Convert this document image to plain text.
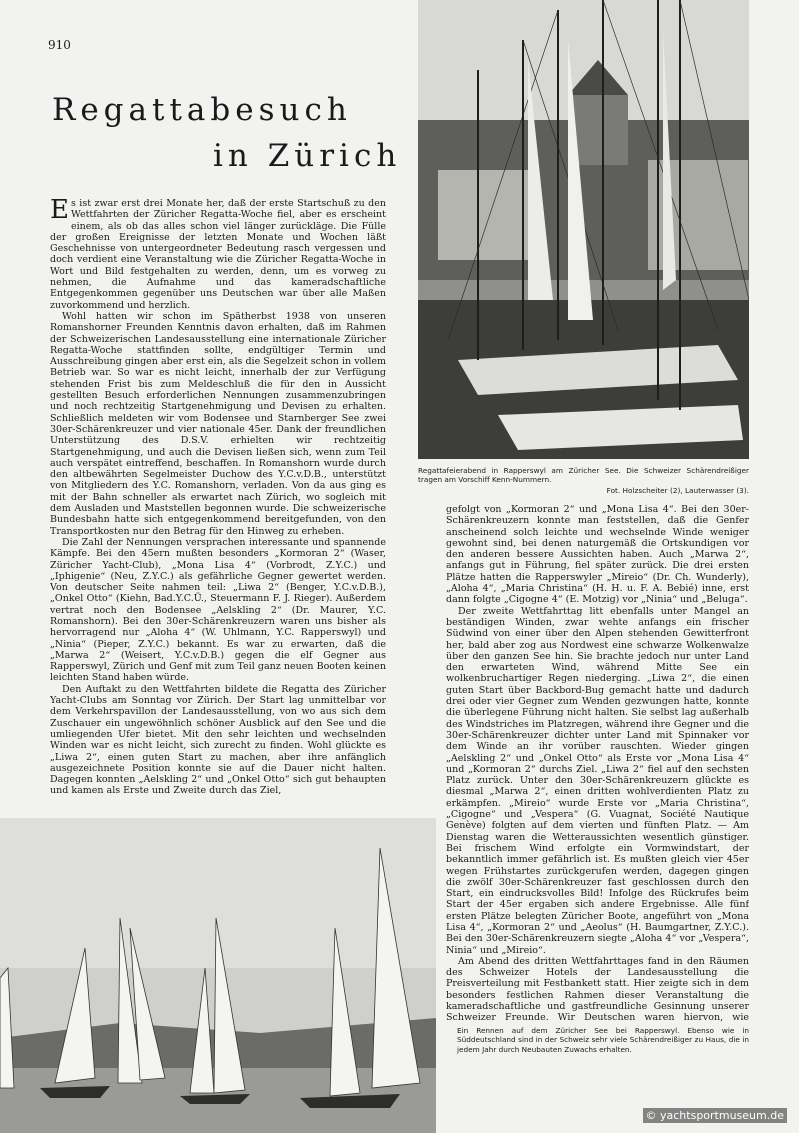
910
Regattabesuch
in Zürich
Regattafeierabend in Rapperswyl am Züricher See. Die Schweizer Schärendreißiger tragen am Vorschiff Kenn-Nummern.
Fot. Holzscheiter (2), Lauterwasser (3).

Es ist zwar erst drei Monate her, daß der erste Startschuß zu den Wettfahrten der Züricher Regatta-Woche fiel, aber es erscheint einem, als ob das alles schon viel länger zurückläge. Die Fülle der großen Ereignisse der letzten Monate und Wochen läßt Geschehnisse von untergeordneter Bedeutung rasch vergessen und doch verdient eine Veranstaltung wie die Züricher Regatta-Woche in Wort und Bild festgehalten zu werden, denn, um es vorweg zu nehmen, die Aufnahme und das kameradschaftliche Entgegenkommen gegenüber uns Deutschen war über alle Maßen zuvorkommend und herzlich.

Wohl hatten wir schon im Spätherbst 1938 von unseren Romanshorner Freunden Kenntnis davon erhalten, daß im Rahmen der Schweizerischen Landesausstellung eine internationale Züricher Regatta-Woche stattfinden sollte, endgültiger Termin und Ausschreibung gingen aber erst ein, als die Segelzeit schon in vollem Betrieb war. So war es nicht leicht, innerhalb der zur Verfügung stehenden Frist bis zum Meldeschluß die für den in Aussicht gestellten Besuch erforderlichen Nennungen zusammenzubringen und noch rechtzeitig Startgenehmigung und Devisen zu erhalten. Schließlich meldeten wir vom Bodensee und Starnberger See zwei 30er-Schärenkreuzer und vier nationale 45er. Dank der freundlichen Unterstützung des D.S.V. erhielten wir rechtzeitig Startgenehmigung, und auch die Devisen ließen sich, wenn zum Teil auch verspätet eintreffend, beschaffen. In Romanshorn wurde durch den altbewährten Segelmeister Duchow des Y.C.v.D.B., unterstützt von Mitgliedern des Y.C. Romanshorn, verladen. Von da aus ging es mit der Bahn schneller als erwartet nach Zürich, wo sogleich mit dem Ausladen und Maststellen begonnen wurde. Die schweizerische Bundesbahn hatte sich entgegenkommend bereitgefunden, von den Transportkosten nur den Betrag für den Hinweg zu erheben.

Die Zahl der Nennungen versprachen interessante und spannende Kämpfe. Bei den 45ern mußten besonders „Kormoran 2“ (Waser, Züricher Yacht-Club), „Mona Lisa 4“ (Vorbrodt, Z.Y.C.) und „Iphigenie“ (Neu, Z.Y.C.) als gefährliche Gegner gewertet werden. Von deutscher Seite nahmen teil: „Liwa 2“ (Benger, Y.C.v.D.B.), „Onkel Otto“ (Kiehn, Bad.Y.C.Ü., Steuermann F. J. Rieger). Außerdem vertrat noch den Bodensee „Aelskling 2“ (Dr. Maurer, Y.C. Romanshorn). Bei den 30er-Schärenkreuzern waren uns bisher als hervorragend nur „Aloha 4“ (W. Uhlmann, Y.C. Rapperswyl) und „Ninia“ (Pieper, Z.Y.C.) bekannt. Es war zu erwarten, daß die „Marwa 2“ (Weisert, Y.C.v.D.B.) gegen die elf Gegner aus Rapperswyl, Zürich und Genf mit zum Teil ganz neuen Booten keinen leichten Stand haben würde.

Den Auftakt zu den Wettfahrten bildete die Regatta des Züricher Yacht-Clubs am Sonntag vor Zürich. Der Start lag unmittelbar vor dem Verkehrspavillon der Landesausstellung, von wo aus sich dem Zuschauer ein ungewöhnlich schöner Ausblick auf den See und die umliegenden Ufer bietet. Mit den sehr leichten und wechselnden Winden war es nicht leicht, sich zurecht zu finden. Wohl glückte es „Liwa 2“, einen guten Start zu machen, aber ihre anfänglich ausgezeichnete Position konnte sie auf die Dauer nicht halten. Dagegen konnten „Aelskling 2“ und „Onkel Otto“ sich gut behaupten und kamen als Erste und Zweite durch das Ziel,

gefolgt von „Kormoran 2“ und „Mona Lisa 4“. Bei den 30er-Schärenkreuzern konnte man feststellen, daß die Genfer anscheinend solch leichte und wechselnde Winde weniger gewohnt sind, bei denen naturgemäß die Ortskundigen vor den anderen bessere Aussichten haben. Auch „Marwa 2“, anfangs gut in Führung, fiel später zurück. Die drei ersten Plätze hatten die Rapperswyler „Mireio“ (Dr. Ch. Wunderly), „Aloha 4“, „Maria Christina“ (H. H. u. F. A. Bebié) inne, erst dann folgte „Cigogne 4“ (E. Motzig) vor „Ninia“ und „Beluga“.

Der zweite Wettfahrttag litt ebenfalls unter Mangel an beständigen Winden, zwar wehte anfangs ein frischer Südwind von einer über den Alpen stehenden Gewitterfront her, bald aber zog aus Nordwest eine schwarze Wolkenwalze über den ganzen See hin. Sie brachte jedoch nur unter Land den erwarteten Wind, während Mitte See ein wolkenbruchartiger Regen niederging. „Liwa 2“, die einen guten Start über Backbord-Bug gemacht hatte und dadurch drei oder vier Gegner zum Wenden gezwungen hatte, konnte die überlegene Führung nicht halten. Sie selbst lag außerhalb des Windstriches im Platzregen, während ihre Gegner und die 30er-Schärenkreuzer dichter unter Land mit Spinnaker vor dem Winde an ihr vorüber rauschten. Wieder gingen „Aelskling 2“ und „Onkel Otto“ als Erste vor „Mona Lisa 4“ und „Kormoran 2“ durchs Ziel. „Liwa 2“ fiel auf den sechsten Platz zurück. Unter den 30er-Schärenkreuzern glückte es diesmal „Marwa 2“, einen dritten wohlverdienten Platz zu erkämpfen. „Mireio“ wurde Erste vor „Maria Christina“, „Cigogne“ und „Vespera“ (G. Vuagnat, Société Nautique Genève) folgten auf dem vierten und fünften Platz. — Am Dienstag waren die Wetteraussichten wesentlich günstiger. Bei frischem Wind erfolgte ein Vormwindstart, der bekanntlich immer gefährlich ist. Es mußten gleich vier 45er wegen Frühstartes zurückgerufen werden, dagegen gingen die zwölf 30er-Schärenkreuzer fast geschlossen durch den Start, ein eindrucksvolles Bild! Infolge des Rückrufes beim Start der 45er ergaben sich andere Ergebnisse. Alle fünf ersten Plätze belegten Züricher Boote, angeführt von „Mona Lisa 4“, „Kormoran 2“ und „Aeolus“ (H. Baumgartner, Z.Y.C.). Bei den 30er-Schärenkreuzern siegte „Aloha 4“ vor „Vespera“, Ninia“ und „Mireio“.

Am Abend des dritten Wettfahrttages fand in den Räumen des Schweizer Hotels der Landesausstellung die Preisverteilung mit Festbankett statt. Hier zeigte sich in dem besonders festlichen Rahmen dieser Veranstaltung die kameradschaftliche und gastfreundliche Gesinnung unserer Schweizer Freunde. Wir Deutschen waren hiervon, wie

Ein Rennen auf dem Züricher See bei Rapperswyl. Ebenso wie in Süddeutschland sind in der Schweiz sehr viele Schärendreißiger zu Haus, die in jedem Jahr durch Neubauten Zuwachs erhalten.
© yachtsportmuseum.de
